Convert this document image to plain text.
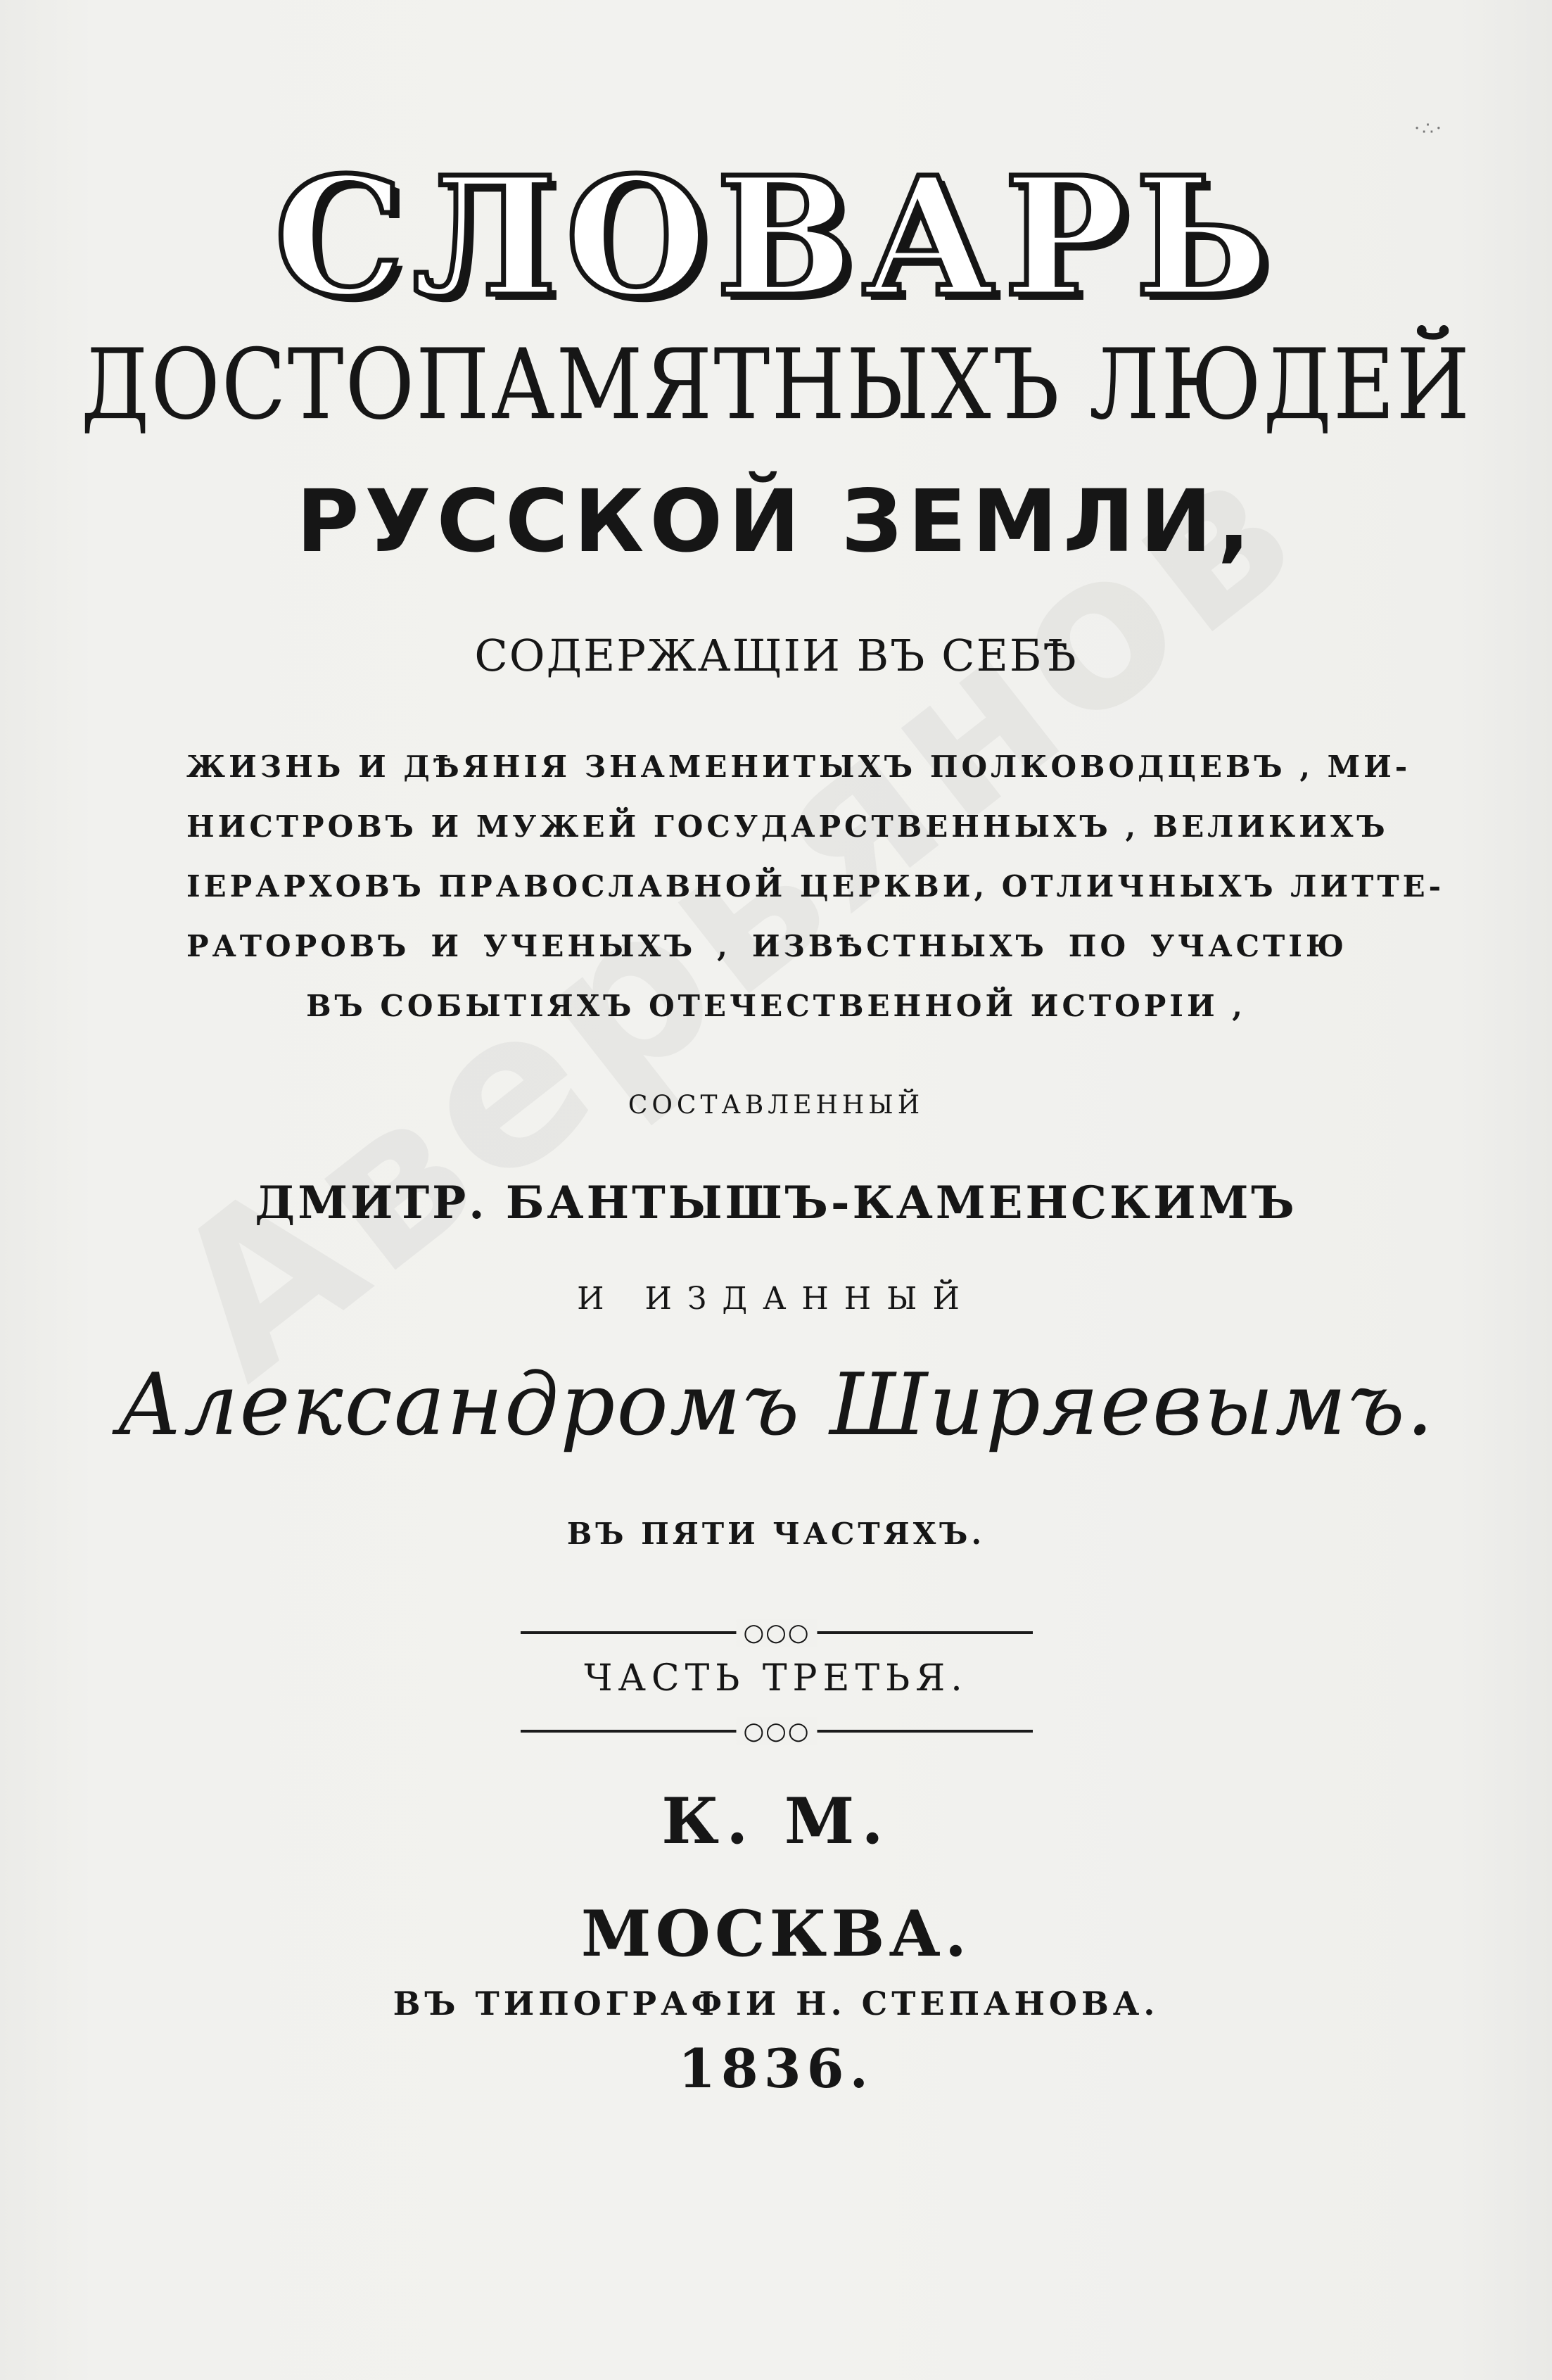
·∴·
СЛОВАРЬ
ДОСТОПАМЯТНЫХЪ ЛЮДЕЙ
РУССКОЙ ЗЕМЛИ,
СОДЕРЖАЩІИ ВЪ СЕБѢ
ЖИЗНЬ И ДѢЯНІЯ ЗНАМЕНИТЫХЪ ПОЛКОВОДЦЕВЪ , МИ-
НИСТРОВЪ И МУЖЕЙ ГОСУДАРСТВЕННЫХЪ , ВЕЛИКИХЪ
ІЕРАРХОВЪ ПРАВОСЛАВНОЙ ЦЕРКВИ, ОТЛИЧНЫХЪ ЛИТТЕ-
РАТОРОВЪ И УЧЕНЫХЪ , ИЗВѢСТНЫХЪ ПО УЧАСТІЮ
ВЪ СОБЫТІЯХЪ ОТЕЧЕСТВЕННОЙ ИСТОРІИ ,
СОСТАВЛЕННЫЙ
ДМИТР. БАНТЫШЪ-КАМЕНСКИМЪ
И ИЗДАННЫЙ
Александромъ Ширяевымъ.
ВЪ ПЯТИ ЧАСТЯХЪ.
○○○
ЧАСТЬ ТРЕТЬЯ.
○○○
К. М.
МОСКВА.
ВЪ ТИПОГРАФІИ Н. СТЕПАНОВА.
1836.
